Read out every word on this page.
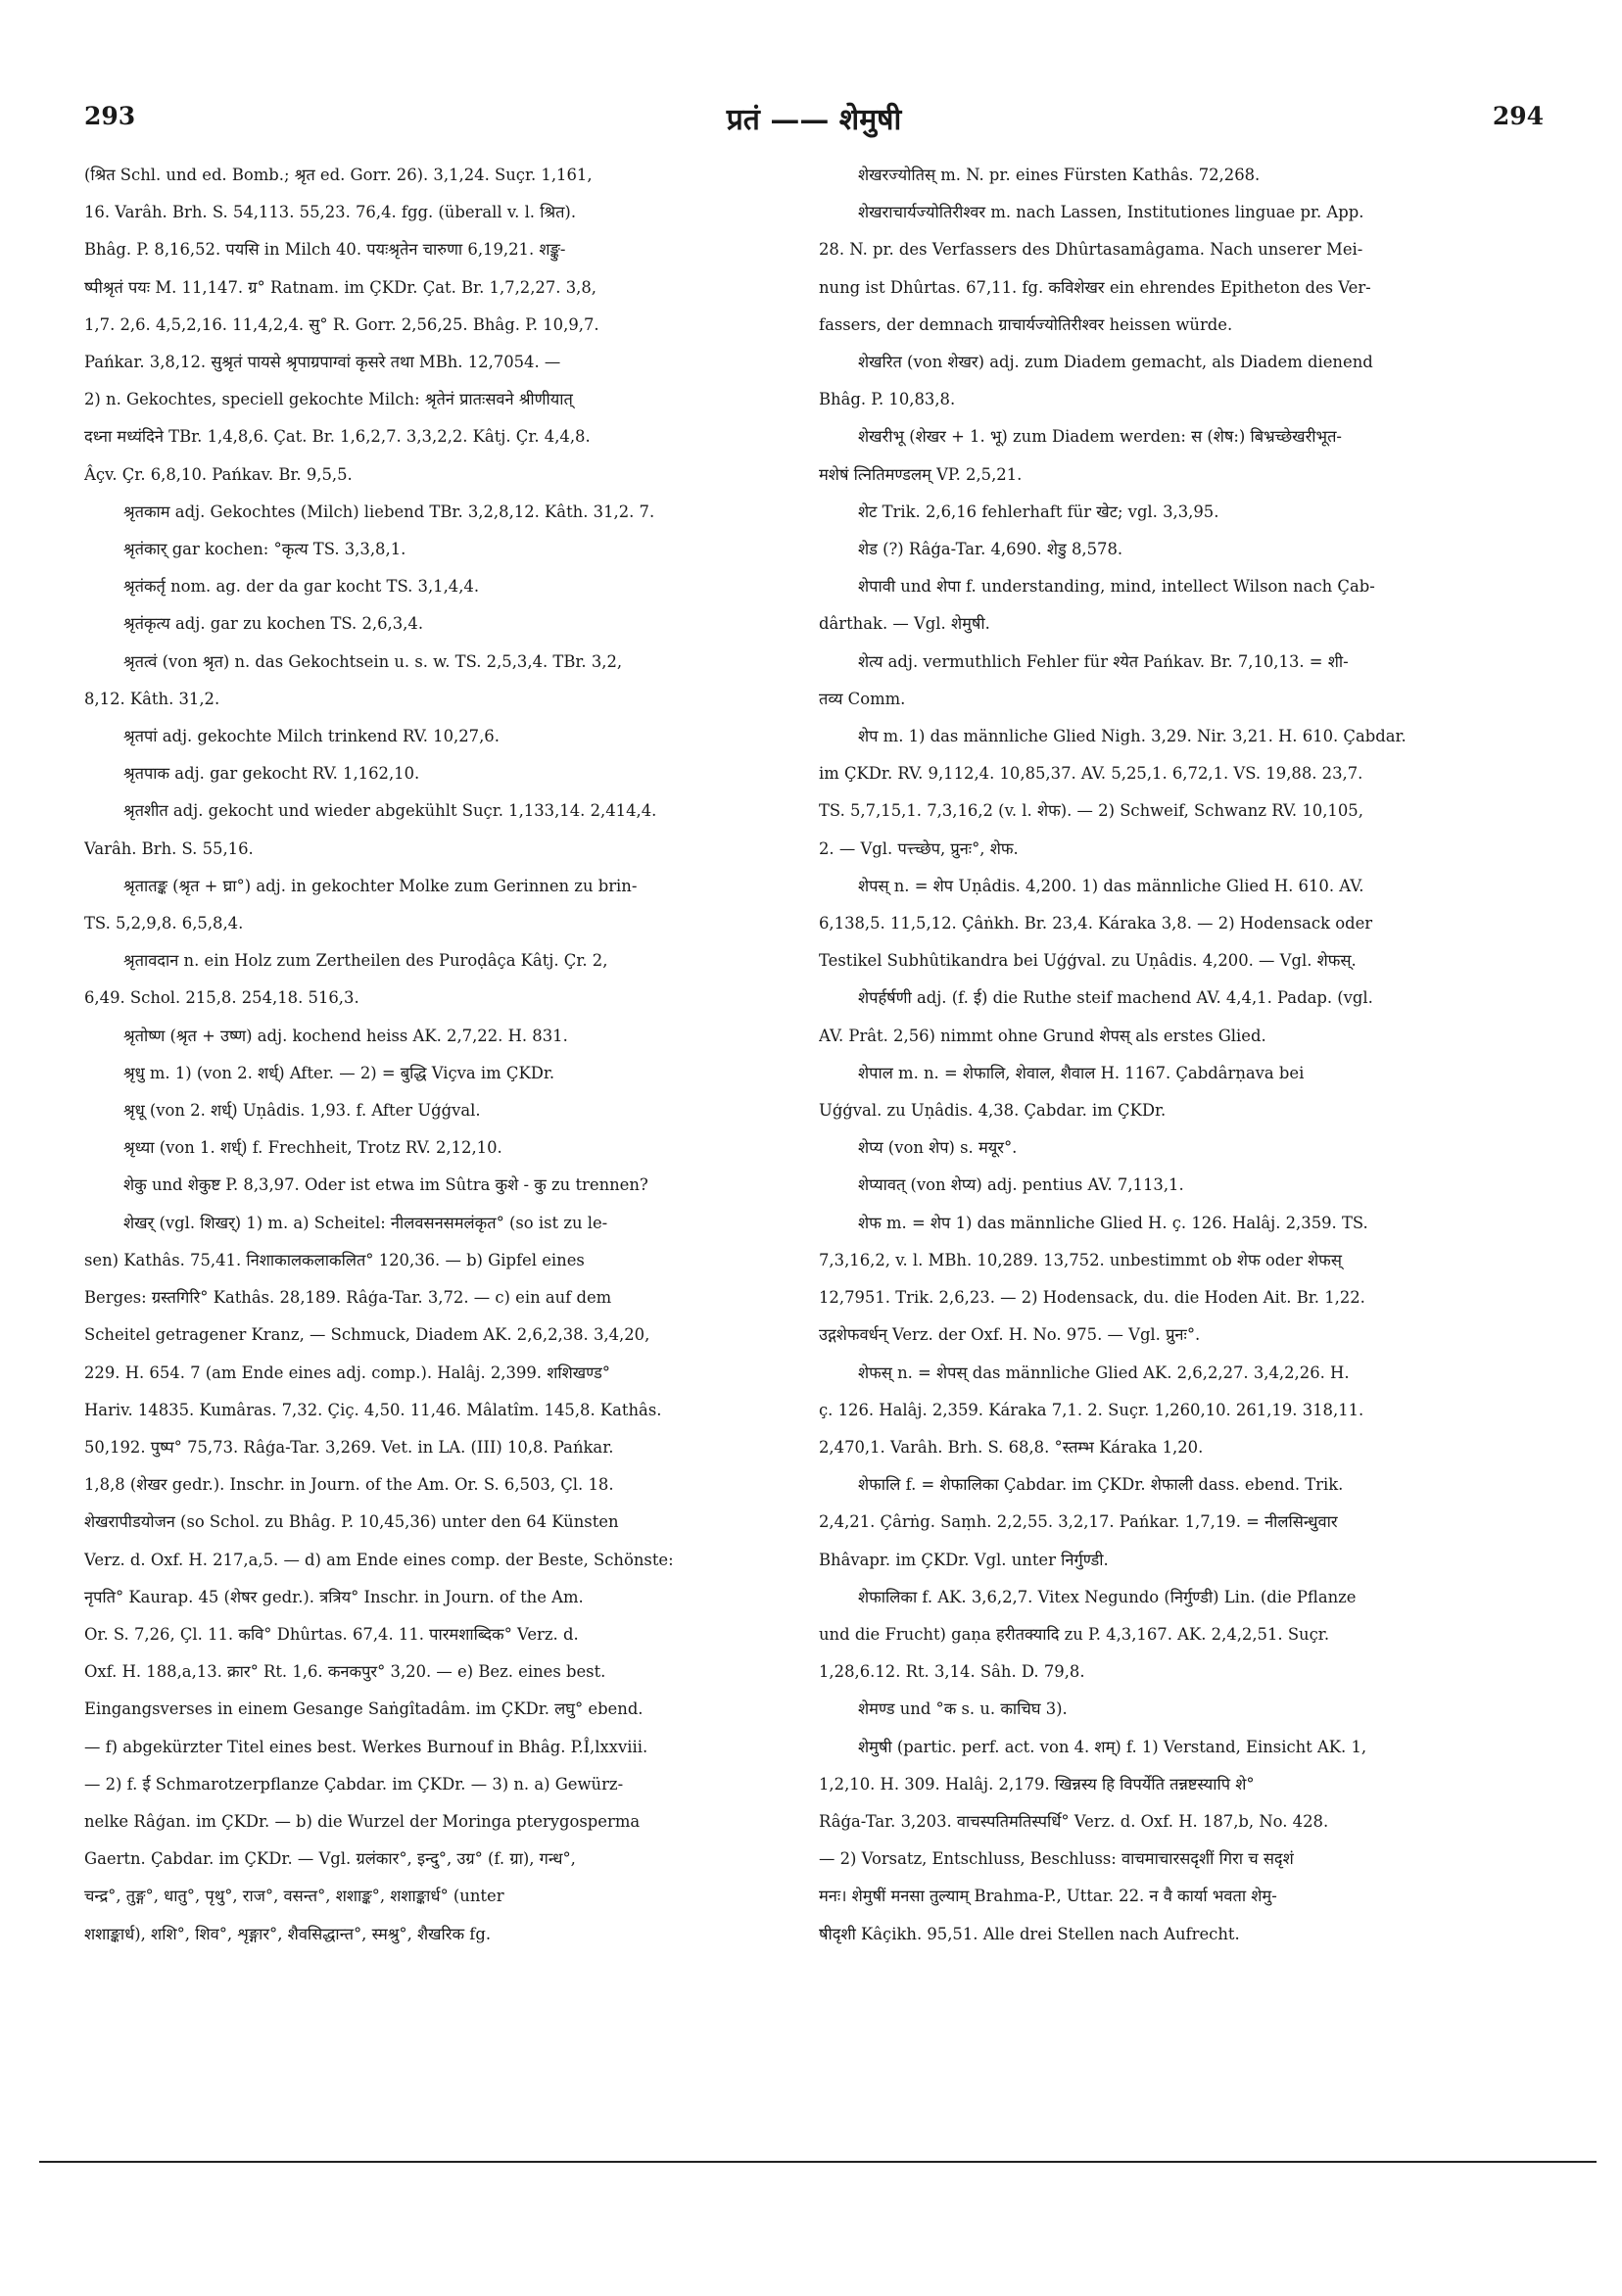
293	प्रतं —— शेमुषी	294
(श्रित Schl. und ed. Bomb.; श्रृत ed. Gorr. 26). 3,1,24. Suçr. 1,161,
16. Varâh. Brh. S. 54,113. 55,23. 76,4. fgg. (überall v. l. श्रित).
Bhâg. P. 8,16,52. पयसि in Milch 40. पयःश्रृतेन चारुणा 6,19,21. शङ्कु-
ष्पीश्रृतं पयः M. 11,147. ग्र° Ratnam. im ÇKDr. Çat. Br. 1,7,2,27. 3,8,
1,7. 2,6. 4,5,2,16. 11,4,2,4. सु° R. Gorr. 2,56,25. Bhâg. P. 10,9,7.
Pańkar. 3,8,12. सुश्रृतं पायसे श्रृपाग्रपाग्वां कृसरे तथा MBh. 12,7054. —
2) n. Gekochtes, speciell gekochte Milch: श्रृतेनं प्रातःसवने श्रीणीयात्
दध्ना मध्यंदिने TBr. 1,4,8,6. Çat. Br. 1,6,2,7. 3,3,2,2. Kâtj. Çr. 4,4,8.
Âçv. Çr. 6,8,10. Pańkav. Br. 9,5,5.
श्रृतकाम adj. Gekochtes (Milch) liebend TBr. 3,2,8,12. Kâth. 31,2. 7.
श्रृतंकार् gar kochen: °कृत्य TS. 3,3,8,1.
श्रृतंकर्तृ nom. ag. der da gar kocht TS. 3,1,4,4.
श्रृतंकृत्य adj. gar zu kochen TS. 2,6,3,4.
श्रृतत्वं (von श्रृत) n. das Gekochtsein u. s. w. TS. 2,5,3,4. TBr. 3,2,
8,12. Kâth. 31,2.
श्रृतपां adj. gekochte Milch trinkend RV. 10,27,6.
श्रृतपाक adj. gar gekocht RV. 1,162,10.
श्रृतशीत adj. gekocht und wieder abgekühlt Suçr. 1,133,14. 2,414,4.
Varâh. Brh. S. 55,16.
श्रृतातङ्क (श्रृत + घ्रा°) adj. in gekochter Molke zum Gerinnen zu brin-
TS. 5,2,9,8. 6,5,8,4.
श्रृतावदान n. ein Holz zum Zertheilen des Puroḍâça Kâtj. Çr. 2,
6,49. Schol. 215,8. 254,18. 516,3.
श्रृतोष्ण (श्रृत + उष्ण) adj. kochend heiss AK. 2,7,22. H. 831.
श्रृधु m. 1) (von 2. शर्ध्) After. — 2) = बुद्धि Viçva im ÇKDr.
श्रृधू (von 2. शर्ध्) Uṇâdis. 1,93. f. After Uģģval.
श्रृध्या (von 1. शर्ध्) f. Frechheit, Trotz RV. 2,12,10.
शेकु und शेकुष्ट P. 8,3,97. Oder ist etwa im Sûtra कुशे - कु zu trennen?
शेखर् (vgl. शिखर्) 1) m. a) Scheitel: नीलवसनसमलंकृत° (so ist zu le-
sen) Kathâs. 75,41. निशाकालकलाकलित° 120,36. — b) Gipfel eines
Berges: ग्रस्तगिरि° Kathâs. 28,189. Râģa-Tar. 3,72. — c) ein auf dem
Scheitel getragener Kranz, — Schmuck, Diadem AK. 2,6,2,38. 3,4,20,
229. H. 654. 7 (am Ende eines adj. comp.). Halâj. 2,399. शशिखण्ड°
Hariv. 14835. Kumâras. 7,32. Çiç. 4,50. 11,46. Mâlatîm. 145,8. Kathâs.
50,192. पुष्प° 75,73. Râģa-Tar. 3,269. Vet. in LA. (III) 10,8. Pańkar.
1,8,8 (शेखर gedr.). Inschr. in Journ. of the Am. Or. S. 6,503, Çl. 18.
शेखरापीडयोजन (so Schol. zu Bhâg. P. 10,45,36) unter den 64 Künsten
Verz. d. Oxf. H. 217,a,5. — d) am Ende eines comp. der Beste, Schönste:
नृपति° Kaurap. 45 (शेषर gedr.). त्रत्रिय° Inschr. in Journ. of the Am.
Or. S. 7,26, Çl. 11. कवि° Dhûrtas. 67,4. 11. पारमशाब्दिक° Verz. d.
Oxf. H. 188,a,13. क्रार° Rt. 1,6. कनकपुर° 3,20. — e) Bez. eines best.
Eingangsverses in einem Gesange Saṅgîtadâm. im ÇKDr. लघु° ebend.
— f) abgekürzter Titel eines best. Werkes Burnouf in Bhâg. P.Î,lxxviii.
— 2) f. ई Schmarotzerpflanze Çabdar. im ÇKDr. — 3) n. a) Gewürz-
nelke Râģan. im ÇKDr. — b) die Wurzel der Moringa pterygosperma
Gaertn. Çabdar. im ÇKDr. — Vgl. ग्रलंकार°, इन्दु°, उग्र° (f. ग्रा), गन्ध°,
चन्द्र°, तुङ्ग°, धातु°, पृथु°, राज°, वसन्त°, शशाङ्क°, शशाङ्कार्ध° (unter
शशाङ्कार्ध), शशि°, शिव°, शृङ्गार°, शैवसिद्धान्त°, स्मश्रु°, शैखरिक fg.
शेखरज्योतिस् m. N. pr. eines Fürsten Kathâs. 72,268.
शेखराचार्यज्योतिरीश्वर m. nach Lassen, Institutiones linguae pr. App.
28. N. pr. des Verfassers des Dhûrtasamâgama. Nach unserer Mei-
nung ist Dhûrtas. 67,11. fg. कविशेखर ein ehrendes Epitheton des Ver-
fassers, der demnach ग्राचार्यज्योतिरीश्वर heissen würde.
शेखरित (von शेखर) adj. zum Diadem gemacht, als Diadem dienend
Bhâg. P. 10,83,8.
शेखरीभू (शेखर + 1. भू) zum Diadem werden: स (शेष:) बिभ्रच्छेखरीभूत-
मशेषं त्नितिमण्डलम् VP. 2,5,21.
शेट Trik. 2,6,16 fehlerhaft für खेट; vgl. 3,3,95.
शेड (?) Râģa-Tar. 4,690. शेडु 8,578.
शेपावी und शेपा f. understanding, mind, intellect Wilson nach Çab-
dârthak. — Vgl. शेमुषी.
शेत्य adj. vermuthlich Fehler für श्येत Pańkav. Br. 7,10,13. = शी-
तव्य Comm.
शेप m. 1) das männliche Glied Nigh. 3,29. Nir. 3,21. H. 610. Çabdar.
im ÇKDr. RV. 9,112,4. 10,85,37. AV. 5,25,1. 6,72,1. VS. 19,88. 23,7.
TS. 5,7,15,1. 7,3,16,2 (v. l. शेफ). — 2) Schweif, Schwanz RV. 10,105,
2. — Vgl. पत्त्च्छेप, प्रुनः°, शेफ.
शेपस् n. = शेप Uṇâdis. 4,200. 1) das männliche Glied H. 610. AV.
6,138,5. 11,5,12. Çâṅkh. Br. 23,4. Káraka 3,8. — 2) Hodensack oder
Testikel Subhûtikandra bei Uģģval. zu Uṇâdis. 4,200. — Vgl. शेफस्.
शेपर्हर्षणी adj. (f. ई) die Ruthe steif machend AV. 4,4,1. Padap. (vgl.
AV. Prât. 2,56) nimmt ohne Grund शेपस् als erstes Glied.
शेपाल m. n. = शेफालि, शेवाल, शैवाल H. 1167. Çabdârṇava bei
Uģģval. zu Uṇâdis. 4,38. Çabdar. im ÇKDr.
शेप्य (von शेप) s. मयूर°.
शेप्यावत् (von शेप्य) adj. pentius AV. 7,113,1.
शेफ m. = शेप 1) das männliche Glied H. ç. 126. Halâj. 2,359. TS.
7,3,16,2, v. l. MBh. 10,289. 13,752. unbestimmt ob शेफ oder शेफस्
12,7951. Trik. 2,6,23. — 2) Hodensack, du. die Hoden Ait. Br. 1,22.
उद्गशेफवर्धन् Verz. der Oxf. H. No. 975. — Vgl. प्रुनः°.
शेफस् n. = शेपस् das männliche Glied AK. 2,6,2,27. 3,4,2,26. H.
ç. 126. Halâj. 2,359. Káraka 7,1. 2. Suçr. 1,260,10. 261,19. 318,11.
2,470,1. Varâh. Brh. S. 68,8. °स्तम्भ Káraka 1,20.
शेफालि f. = शेफालिका Çabdar. im ÇKDr. शेफाली dass. ebend. Trik.
2,4,21. Çârṅg. Saṃh. 2,2,55. 3,2,17. Pańkar. 1,7,19. = नीलसिन्धुवार
Bhâvapr. im ÇKDr. Vgl. unter निर्गुण्डी.
शेफालिका f. AK. 3,6,2,7. Vitex Negundo (निर्गुण्डी) Lin. (die Pflanze
und die Frucht) gaṇa हरीतक्यादि zu P. 4,3,167. AK. 2,4,2,51. Suçr.
1,28,6.12. Rt. 3,14. Sâh. D. 79,8.
शेमण्ड und °क s. u. काचिघ 3).
शेमुषी (partic. perf. act. von 4. शम्) f. 1) Verstand, Einsicht AK. 1,
1,2,10. H. 309. Halâj. 2,179. खिन्नस्य हि विपर्येति तन्नष्टस्यापि शे°
Râģa-Tar. 3,203. वाचस्पतिमतिस्पर्धि° Verz. d. Oxf. H. 187,b, No. 428.
— 2) Vorsatz, Entschluss, Beschluss: वाचमाचारसदृशीं गिरा च सदृशं
मनः। शेमुषीं मनसा तुल्याम् Brahma-P., Uttar. 22. न वै कार्या भवता शेमु-
षीदृशी Kâçikh. 95,51. Alle drei Stellen nach Aufrecht.
